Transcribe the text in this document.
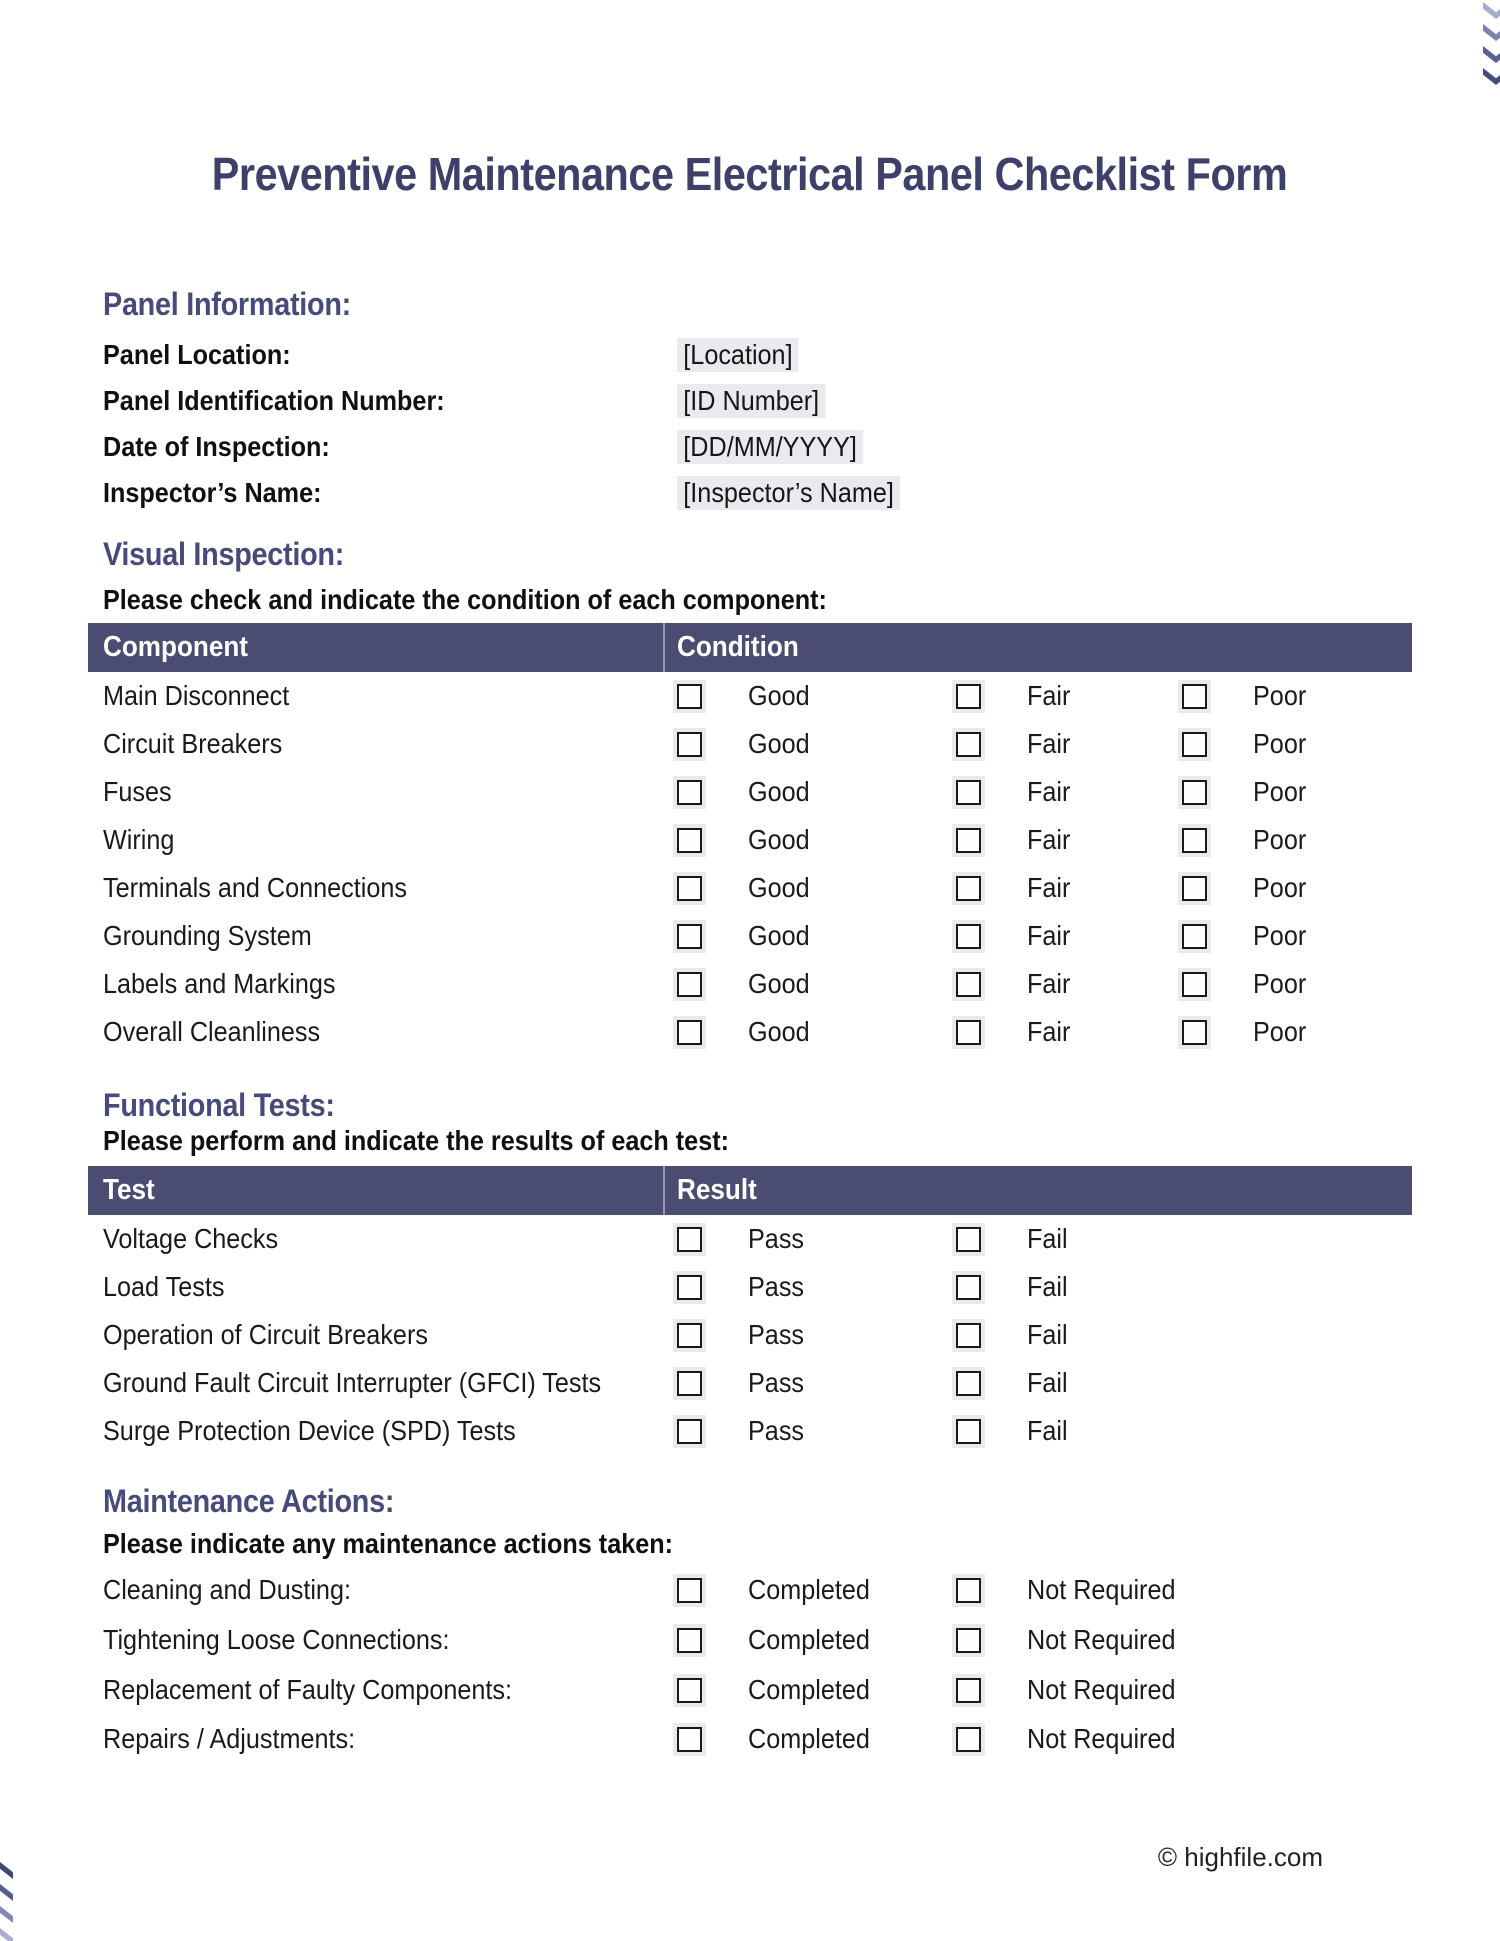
Preventive Maintenance Electrical Panel Checklist Form
Panel Information:
Panel Location:	[Location]
Panel Identification Number:	[ID Number]
Date of Inspection:	[DD/MM/YYYY]
Inspector’s Name:	[Inspector’s Name]
Visual Inspection:
Please check and indicate the condition of each component:
Component	Condition
Main Disconnect	Good	Fair	Poor
Circuit Breakers	Good	Fair	Poor
Fuses	Good	Fair	Poor
Wiring	Good	Fair	Poor
Terminals and Connections	Good	Fair	Poor
Grounding System	Good	Fair	Poor
Labels and Markings	Good	Fair	Poor
Overall Cleanliness	Good	Fair	Poor
Functional Tests:
Please perform and indicate the results of each test:
Test	Result
Voltage Checks	Pass	Fail
Load Tests	Pass	Fail
Operation of Circuit Breakers	Pass	Fail
Ground Fault Circuit Interrupter (GFCI) Tests	Pass	Fail
Surge Protection Device (SPD) Tests	Pass	Fail
Maintenance Actions:
Please indicate any maintenance actions taken:
Cleaning and Dusting:	Completed	Not Required
Tightening Loose Connections:	Completed	Not Required
Replacement of Faulty Components:	Completed	Not Required
Repairs / Adjustments:	Completed	Not Required
© highfile.com
